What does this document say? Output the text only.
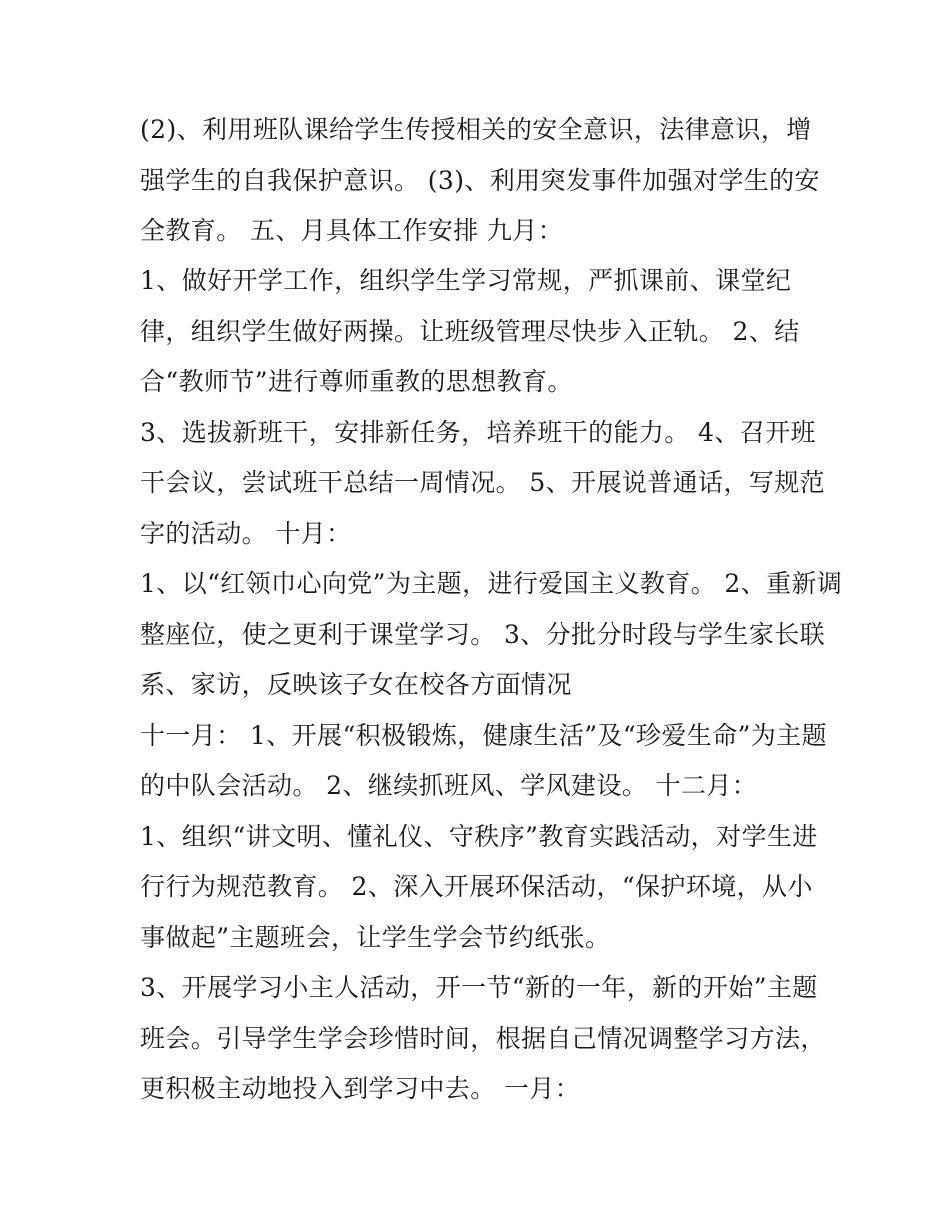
(2)、利用班队课给学生传授相关的安全意识，法律意识，增
强学生的自我保护意识。 (3)、利用突发事件加强对学生的安
全教育。 五、月具体工作安排 九月：
1、做好开学工作，组织学生学习常规，严抓课前、课堂纪
律，组织学生做好两操。让班级管理尽快步入正轨。 2、结
合“教师节”进行尊师重教的思想教育。
3、选拔新班干，安排新任务，培养班干的能力。 4、召开班
干会议，尝试班干总结一周情况。 5、开展说普通话，写规范
字的活动。 十月：
1、以“红领巾心向党”为主题，进行爱国主义教育。 2、重新调
整座位，使之更利于课堂学习。 3、分批分时段与学生家长联
系、家访，反映该子女在校各方面情况
十一月： 1、开展“积极锻炼，健康生活”及“珍爱生命”为主题
的中队会活动。 2、继续抓班风、学风建设。 十二月：
1、组织“讲文明、懂礼仪、守秩序”教育实践活动，对学生进
行行为规范教育。 2、深入开展环保活动，“保护环境，从小
事做起”主题班会，让学生学会节约纸张。
3、开展学习小主人活动，开一节“新的一年，新的开始”主题
班会。引导学生学会珍惜时间，根据自己情况调整学习方法，
更积极主动地投入到学习中去。 一月：
